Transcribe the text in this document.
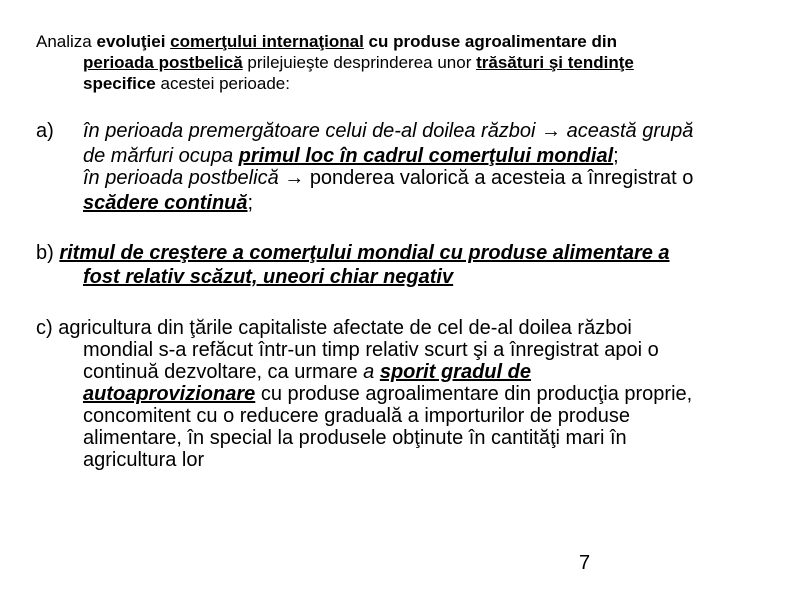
Analiza evoluţiei comerţului internaţional cu produse agroalimentare din
perioada postbelică prilejuieşte desprinderea unor trăsături şi tendinţe
specifice acestei perioade:
a) în perioada premergătoare celui de-al doilea război → această grupă
de mărfuri ocupa primul loc în cadrul comerţului mondial;
în perioada postbelică → ponderea valorică a acesteia a înregistrat o
scădere continuă;
b) ritmul de creştere a comerţului mondial cu produse alimentare a
fost relativ scăzut, uneori chiar negativ
c) agricultura din ţările capitaliste afectate de cel de-al doilea război
mondial s-a refăcut într-un timp relativ scurt şi a înregistrat apoi o
continuă dezvoltare, ca urmare a sporit gradul de
autoaprovizionare cu produse agroalimentare din producţia proprie,
concomitent cu o reducere graduală a importurilor de produse
alimentare, în special la produsele obţinute în cantităţi mari în
agricultura lor
7
